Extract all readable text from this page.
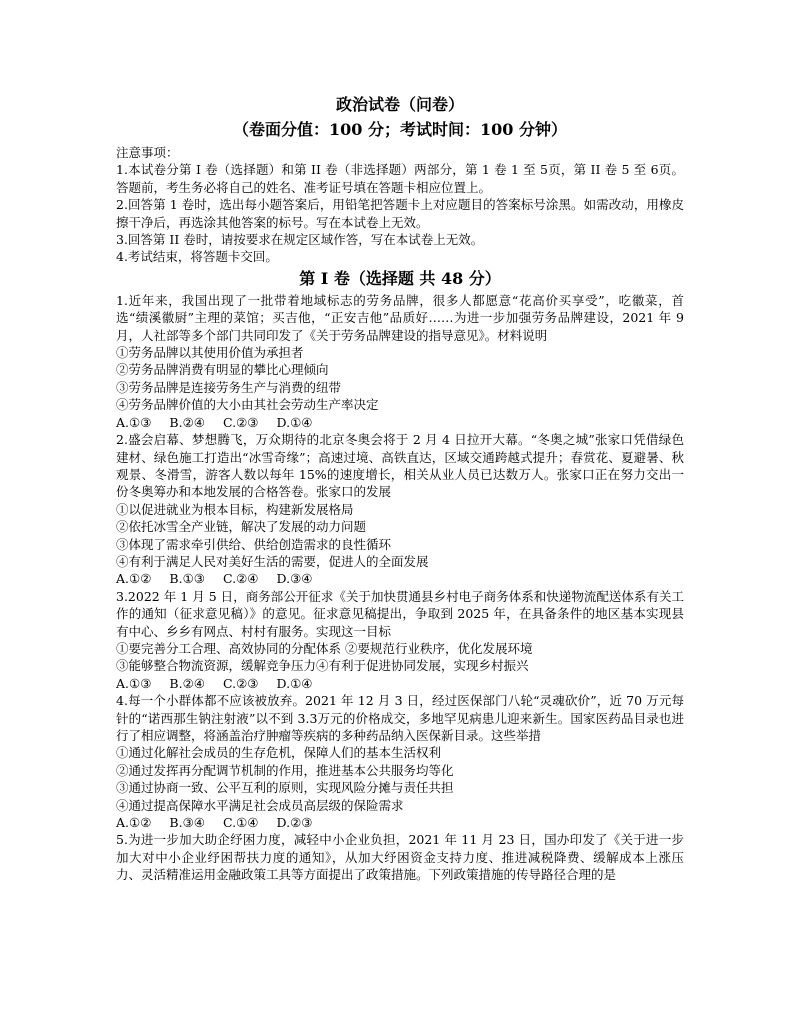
政治试卷（问卷）

（卷面分值：100 分；考试时间：100 分钟）

注意事项：

1.本试卷分第 I 卷（选择题）和第 II 卷（非选择题）两部分，第 1 卷 1 至 5页，第 II 卷 5 至 6页。答题前，考生务必将自己的姓名、准考证号填在答题卡相应位置上。

2.回答第 1 卷时，选出每小题答案后，用铅笔把答题卡上对应题目的答案标号涂黑。如需改动，用橡皮擦干净后，再选涂其他答案的标号。写在本试卷上无效。

3.回答第 II 卷时，请按要求在规定区域作答，写在本试卷上无效。

4.考试结束，将答题卡交回。

第 I 卷（选择题 共 48 分）

1.近年来，我国出现了一批带着地域标志的劳务品牌，很多人都愿意“花高价买享受”，吃徽菜，首选“绩溪徽厨”主理的菜馆；买吉他，“正安吉他”品质好……为进一步加强劳务品牌建设，2021 年 9 月，人社部等多个部门共同印发了《关于劳务品牌建设的指导意见》。材料说明

①劳务品牌以其使用价值为承担者

②劳务品牌消费有明显的攀比心理倾向

③劳务品牌是连接劳务生产与消费的纽带

④劳务品牌价值的大小由其社会劳动生产率决定

A.①③ B.②④ C.②③ D.①④

2.盛会启幕、梦想腾飞，万众期待的北京冬奥会将于 2 月 4 日拉开大幕。“冬奥之城”张家口凭借绿色建材、绿色施工打造出“冰雪奇缘”；高速过境、高铁直达，区域交通跨越式提升；春赏花、夏避暑、秋观景、冬滑雪，游客人数以每年 15%的速度增长，相关从业人员已达数万人。张家口正在努力交出一份冬奥筹办和本地发展的合格答卷。张家口的发展

①以促进就业为根本目标，构建新发展格局

②依托冰雪全产业链，解决了发展的动力问题

③体现了需求牵引供给、供给创造需求的良性循环

④有利于满足人民对美好生活的需要，促进人的全面发展

A.①② B.①③ C.②④ D.③④

3.2022 年 1 月 5 日，商务部公开征求《关于加快贯通县乡村电子商务体系和快递物流配送体系有关工作的通知（征求意见稿）》的意见。征求意见稿提出，争取到 2025 年，在具备条件的地区基本实现县有中心、乡乡有网点、村村有服务。实现这一目标

①要完善分工合理、高效协同的分配体系 ②要规范行业秩序，优化发展环境

③能够整合物流资源，缓解竞争压力④有利于促进协同发展，实现乡村振兴

A.①③ B.②④ C.②③ D.①④

4.每一个小群体都不应该被放弃。2021 年 12 月 3 日，经过医保部门八轮“灵魂砍价”，近 70 万元每针的“诺西那生钠注射液”以不到 3.3万元的价格成交，多地罕见病患儿迎来新生。国家医药品目录也进行了相应调整，将涵盖治疗肿瘤等疾病的多种药品纳入医保新目录。这些举措

①通过化解社会成员的生存危机，保障人们的基本生活权利

②通过发挥再分配调节机制的作用，推进基本公共服务均等化

③通过协商一致、公平互利的原则，实现风险分摊与责任共担

④通过提高保障水平满足社会成员高层级的保险需求

A.①② B.③④ C.①④ D.②③

5.为进一步加大助企纾困力度，减轻中小企业负担，2021 年 11 月 23 日，国办印发了《关于进一步加大对中小企业纾困帮扶力度的通知》，从加大纾困资金支持力度、推进减税降费、缓解成本上涨压力、灵活精准运用金融政策工具等方面提出了政策措施。下列政策措施的传导路径合理的是
